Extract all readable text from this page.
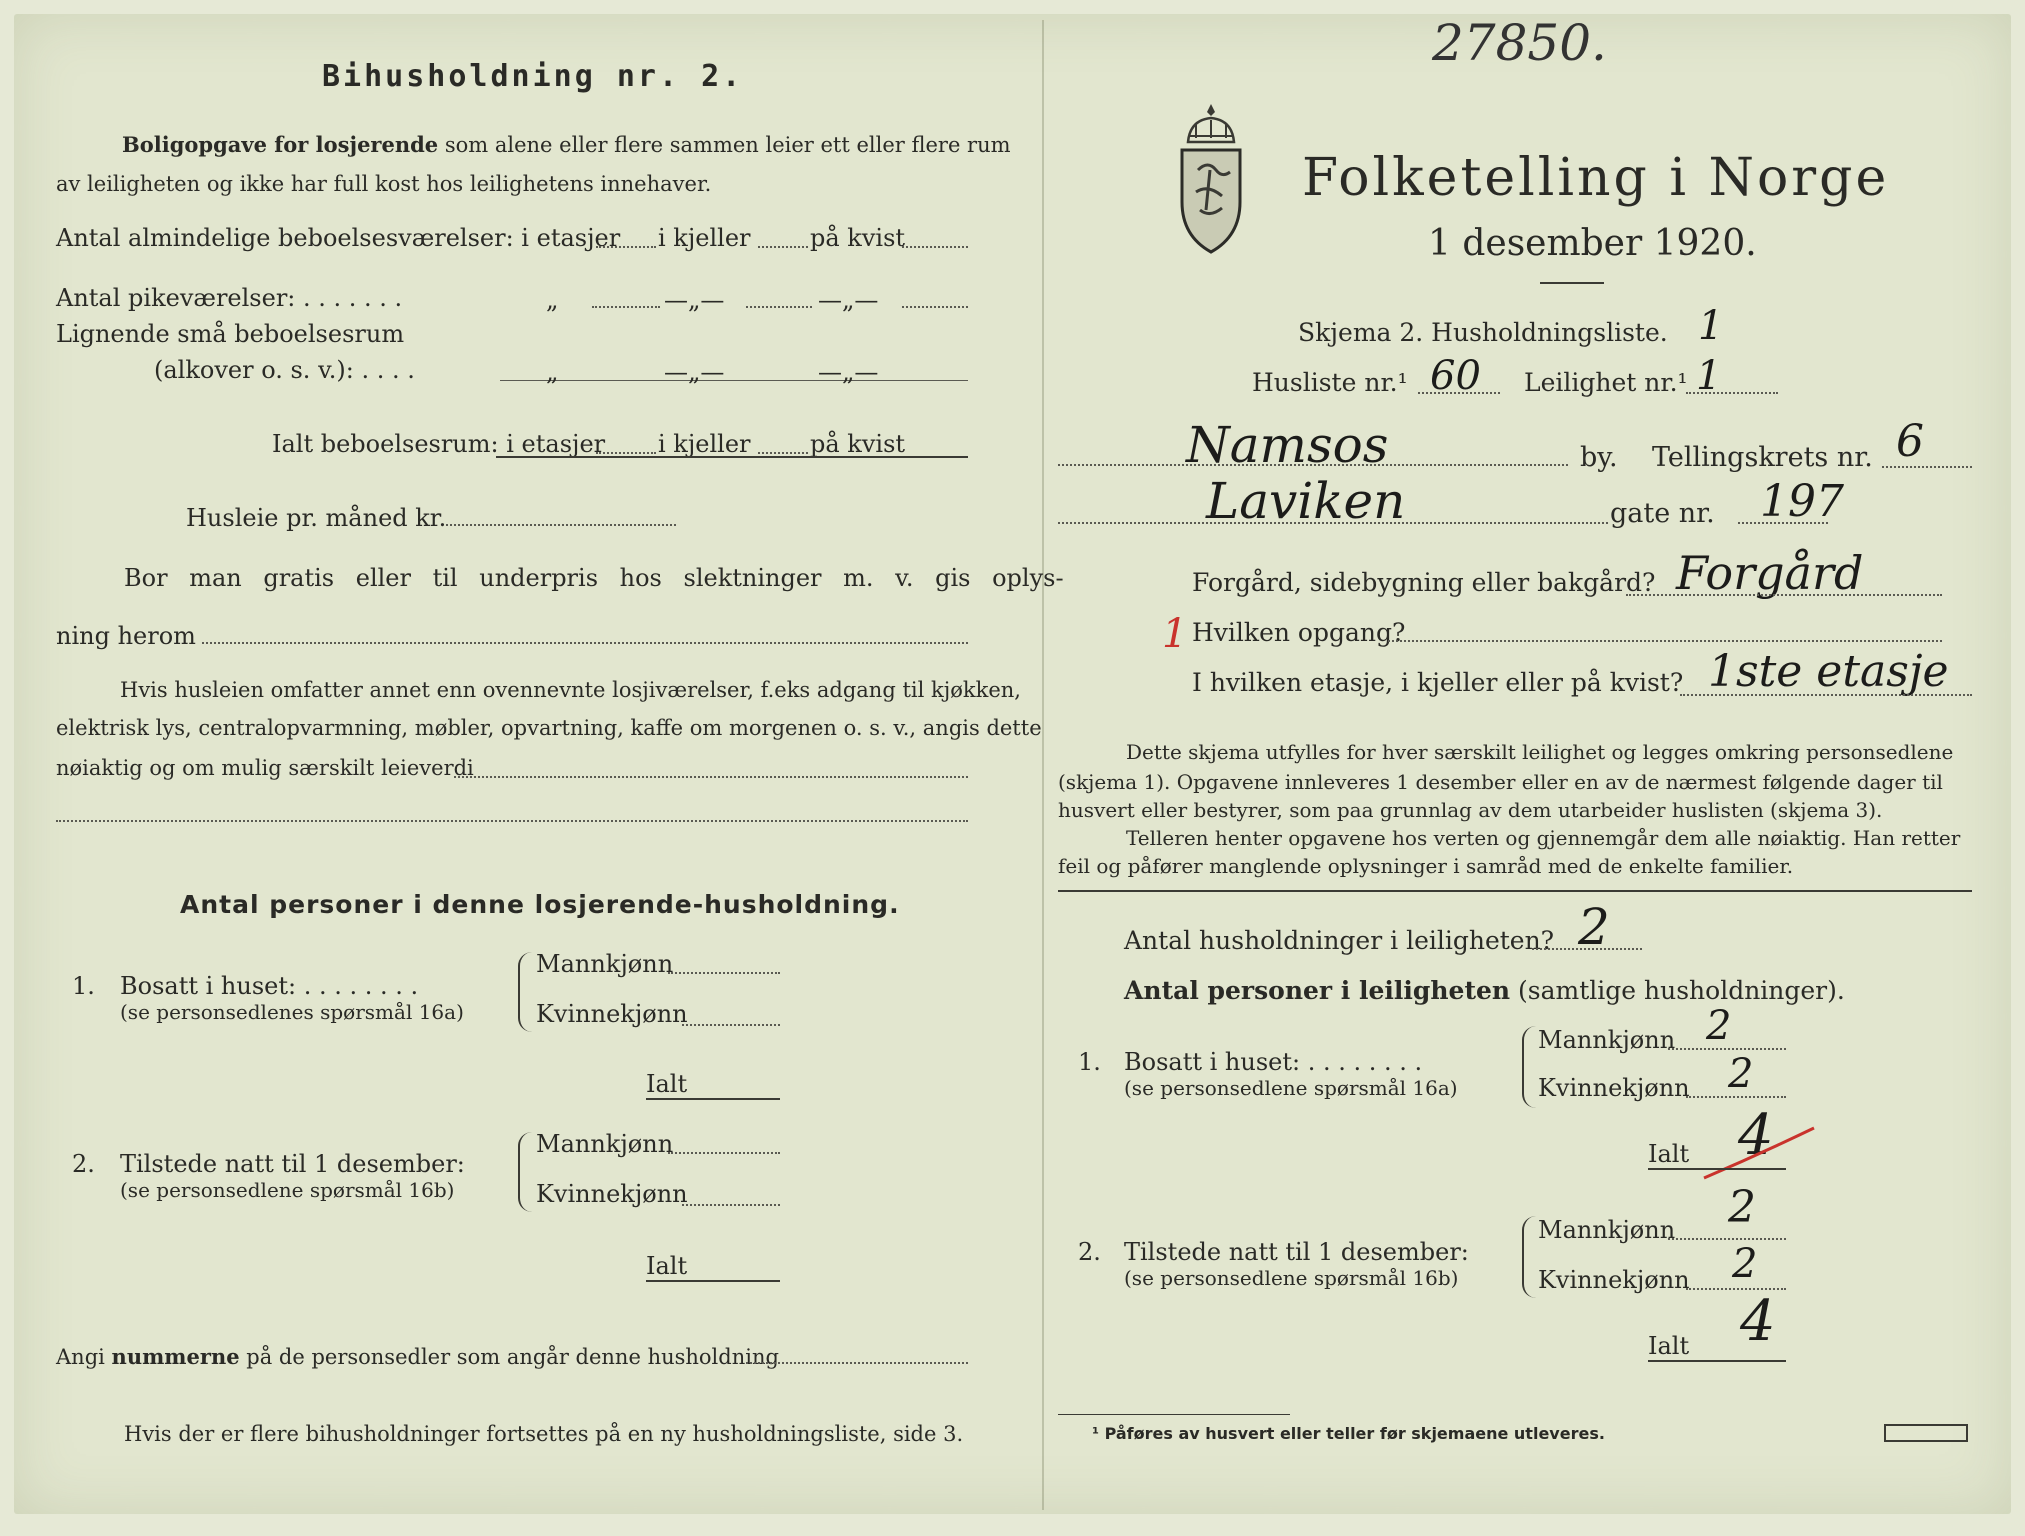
27850.
Bihusholdning nr. 2.
Boligopgave for losjerende som alene eller flere sammen leier ett eller flere rum
av leiligheten og ikke har full kost hos leilighetens innehaver.
Antal almindelige beboelsesværelser: i etasjer i kjeller på kvist
Antal pikeværelser: . . . . . . .	„	—„—	—„—
Lignende små beboelsesrum
(alkover o. s. v.): . . . .	„	—„—	—„—
Ialt beboelsesrum: i etasjer i kjeller på kvist
Husleie pr. måned kr.
Bor man gratis eller til underpris hos slektninger m. v. gis oplys-
ning herom
Hvis husleien omfatter annet enn ovennevnte losjiværelser, f.eks adgang til kjøkken,
elektrisk lys, centralopvarmning, møbler, opvartning, kaffe om morgenen o. s. v., angis dette
nøiaktig og om mulig særskilt leieverdi
Antal personer i denne losjerende-husholdning.
1. Bosatt i huset: . . . . . . . .
(se personsedlenes spørsmål 16a)
Mannkjønn
Kvinnekjønn
Ialt
2. Tilstede natt til 1 desember:
(se personsedlene spørsmål 16b)
Mannkjønn
Kvinnekjønn
Ialt
Angi nummerne på de personsedler som angår denne husholdning
Hvis der er flere bihusholdninger fortsettes på en ny husholdningsliste, side 3.
Folketelling i Norge
1 desember 1920.
Skjema 2. Husholdningsliste. 1
Husliste nr.¹ 60 Leilighet nr.¹ 1
Namsos	by. Tellingskrets nr. 6
Laviken	gate nr. 197
Forgård, sidebygning eller bakgård? Forgård
1 Hvilken opgang?
I hvilken etasje, i kjeller eller på kvist? 1ste etasje
Dette skjema utfylles for hver særskilt leilighet og legges omkring personsedlene
(skjema 1). Opgavene innleveres 1 desember eller en av de nærmest følgende dager til
husvert eller bestyrer, som paa grunnlag av dem utarbeider huslisten (skjema 3).
Telleren henter opgavene hos verten og gjennemgår dem alle nøiaktig. Han retter
feil og påfører manglende oplysninger i samråd med de enkelte familier.
Antal husholdninger i leiligheten? 2
Antal personer i leiligheten (samtlige husholdninger).
1. Bosatt i huset: . . . . . . . .
(se personsedlene spørsmål 16a)
Mannkjønn 2
Kvinnekjønn 2
Ialt 4
2. Tilstede natt til 1 desember:
(se personsedlene spørsmål 16b)
Mannkjønn 2
Kvinnekjønn 2
Ialt 4
¹ Påføres av husvert eller teller før skjemaene utleveres.
